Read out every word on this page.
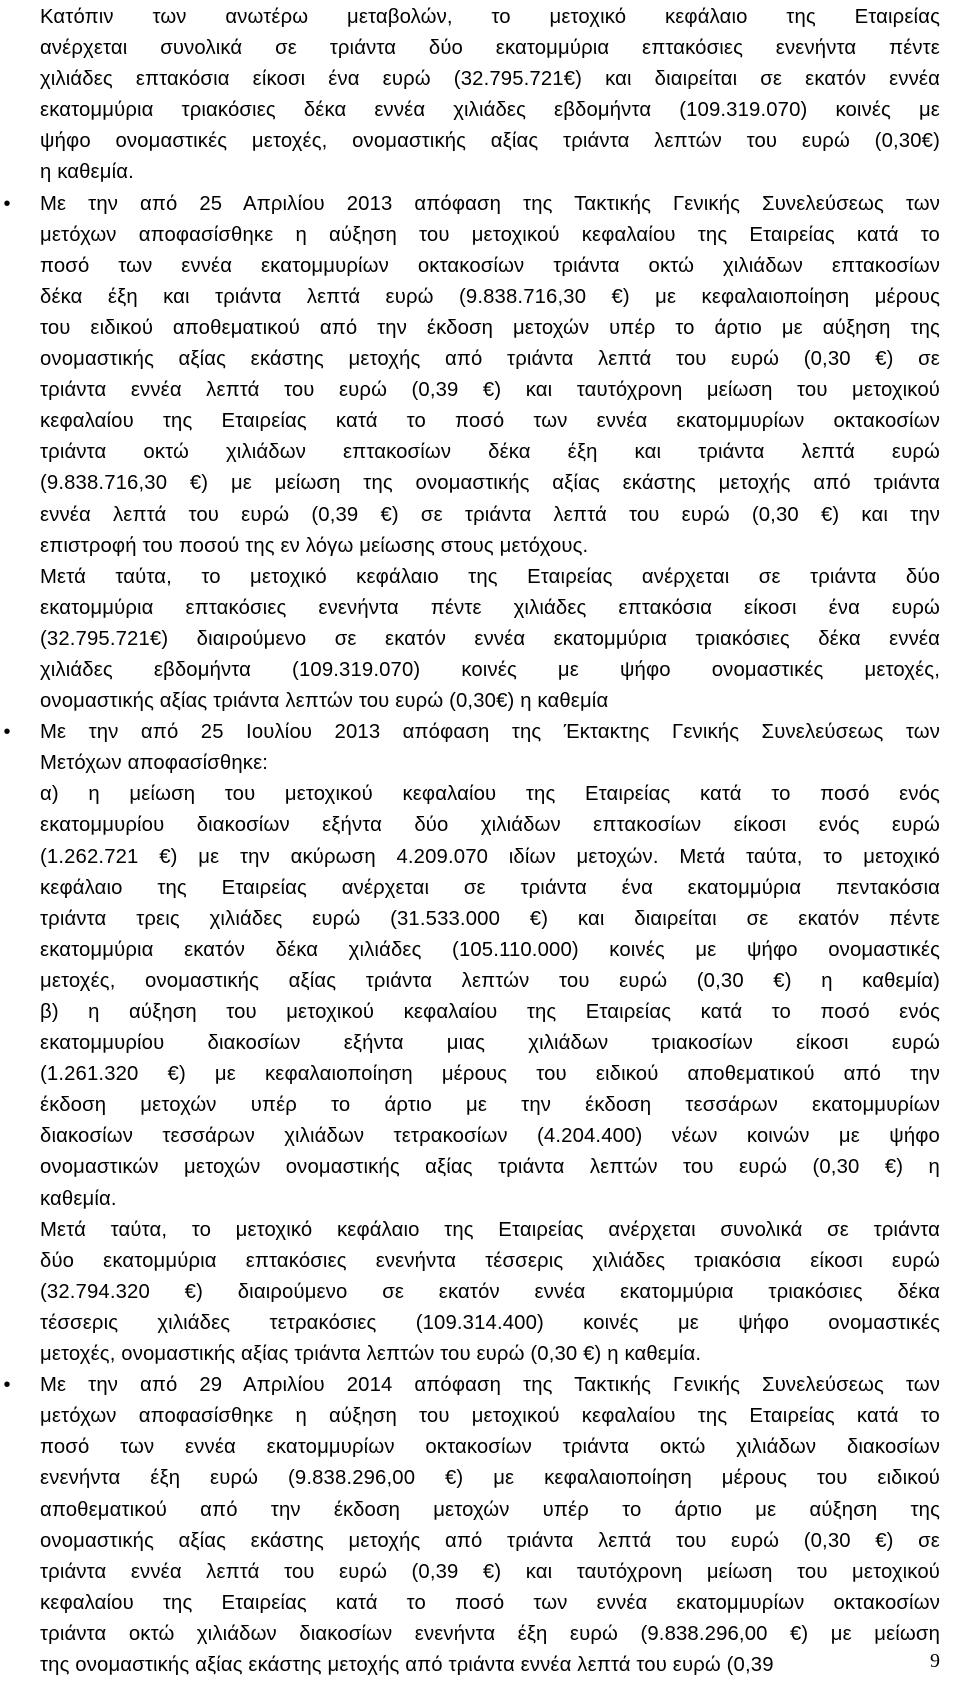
Κατόπιν των ανωτέρω μεταβολών, το μετοχικό κεφάλαιο της Εταιρείας
ανέρχεται συνολικά σε τριάντα δύο εκατομμύρια επτακόσιες ενενήντα πέντε
χιλιάδες επτακόσια είκοσι ένα ευρώ (32.795.721€) και διαιρείται σε εκατόν εννέα
εκατομμύρια τριακόσιες δέκα εννέα χιλιάδες εβδομήντα (109.319.070) κοινές με
ψήφο ονομαστικές μετοχές, ονομαστικής αξίας τριάντα λεπτών του ευρώ (0,30€)
η καθεμία.
• Με την από 25 Απριλίου 2013 απόφαση της Τακτικής Γενικής Συνελεύσεως των
μετόχων αποφασίσθηκε η αύξηση του μετοχικού κεφαλαίου της Εταιρείας κατά το
ποσό των εννέα εκατομμυρίων οκτακοσίων τριάντα οκτώ χιλιάδων επτακοσίων
δέκα έξη και τριάντα λεπτά ευρώ (9.838.716,30 €) με κεφαλαιοποίηση μέρους
του ειδικού αποθεματικού από την έκδοση μετοχών υπέρ το άρτιο με αύξηση της
ονομαστικής αξίας εκάστης μετοχής από τριάντα λεπτά του ευρώ (0,30 €) σε
τριάντα εννέα λεπτά του ευρώ (0,39 €) και ταυτόχρονη μείωση του μετοχικού
κεφαλαίου της Εταιρείας κατά το ποσό των εννέα εκατομμυρίων οκτακοσίων
τριάντα οκτώ χιλιάδων επτακοσίων δέκα έξη και τριάντα λεπτά ευρώ
(9.838.716,30 €) με μείωση της ονομαστικής αξίας εκάστης μετοχής από τριάντα
εννέα λεπτά του ευρώ (0,39 €) σε τριάντα λεπτά του ευρώ (0,30 €) και την
επιστροφή του ποσού της εν λόγω μείωσης στους μετόχους.
Μετά ταύτα, το μετοχικό κεφάλαιο της Εταιρείας ανέρχεται σε τριάντα δύο
εκατομμύρια επτακόσιες ενενήντα πέντε χιλιάδες επτακόσια είκοσι ένα ευρώ
(32.795.721€) διαιρούμενο σε εκατόν εννέα εκατομμύρια τριακόσιες δέκα εννέα
χιλιάδες εβδομήντα (109.319.070) κοινές με ψήφο ονομαστικές μετοχές,
ονομαστικής αξίας τριάντα λεπτών του ευρώ (0,30€) η καθεμία
• Με την από 25 Ιουλίου 2013 απόφαση της Έκτακτης Γενικής Συνελεύσεως των
Μετόχων αποφασίσθηκε:
α) η μείωση του μετοχικού κεφαλαίου της Εταιρείας κατά το ποσό ενός
εκατομμυρίου διακοσίων εξήντα δύο χιλιάδων επτακοσίων είκοσι ενός ευρώ
(1.262.721 €) με την ακύρωση 4.209.070 ιδίων μετοχών. Μετά ταύτα, το μετοχικό
κεφάλαιο της Εταιρείας ανέρχεται σε τριάντα ένα εκατομμύρια πεντακόσια
τριάντα τρεις χιλιάδες ευρώ (31.533.000 €) και διαιρείται σε εκατόν πέντε
εκατομμύρια εκατόν δέκα χιλιάδες (105.110.000) κοινές με ψήφο ονομαστικές
μετοχές, ονομαστικής αξίας τριάντα λεπτών του ευρώ (0,30 €) η καθεμία)
β) η αύξηση του μετοχικού κεφαλαίου της Εταιρείας κατά το ποσό ενός
εκατομμυρίου διακοσίων εξήντα μιας χιλιάδων τριακοσίων είκοσι ευρώ
(1.261.320 €) με κεφαλαιοποίηση μέρους του ειδικού αποθεματικού από την
έκδοση μετοχών υπέρ το άρτιο με την έκδοση τεσσάρων εκατομμυρίων
διακοσίων τεσσάρων χιλιάδων τετρακοσίων (4.204.400) νέων κοινών με ψήφο
ονομαστικών μετοχών ονομαστικής αξίας τριάντα λεπτών του ευρώ (0,30 €) η
καθεμία.
Μετά ταύτα, το μετοχικό κεφάλαιο της Εταιρείας ανέρχεται συνολικά σε τριάντα
δύο εκατομμύρια επτακόσιες ενενήντα τέσσερις χιλιάδες τριακόσια είκοσι ευρώ
(32.794.320 €) διαιρούμενο σε εκατόν εννέα εκατομμύρια τριακόσιες δέκα
τέσσερις χιλιάδες τετρακόσιες (109.314.400) κοινές με ψήφο ονομαστικές
μετοχές, ονομαστικής αξίας τριάντα λεπτών του ευρώ (0,30 €) η καθεμία.
• Με την από 29 Απριλίου 2014 απόφαση της Τακτικής Γενικής Συνελεύσεως των
μετόχων αποφασίσθηκε η αύξηση του μετοχικού κεφαλαίου της Εταιρείας κατά το
ποσό των εννέα εκατομμυρίων οκτακοσίων τριάντα οκτώ χιλιάδων διακοσίων
ενενήντα έξη ευρώ (9.838.296,00 €) με κεφαλαιοποίηση μέρους του ειδικού
αποθεματικού από την έκδοση μετοχών υπέρ το άρτιο με αύξηση της
ονομαστικής αξίας εκάστης μετοχής από τριάντα λεπτά του ευρώ (0,30 €) σε
τριάντα εννέα λεπτά του ευρώ (0,39 €) και ταυτόχρονη μείωση του μετοχικού
κεφαλαίου της Εταιρείας κατά το ποσό των εννέα εκατομμυρίων οκτακοσίων
τριάντα οκτώ χιλιάδων διακοσίων ενενήντα έξη ευρώ (9.838.296,00 €) με μείωση
της ονομαστικής αξίας εκάστης μετοχής από τριάντα εννέα λεπτά του ευρώ (0,39	9
